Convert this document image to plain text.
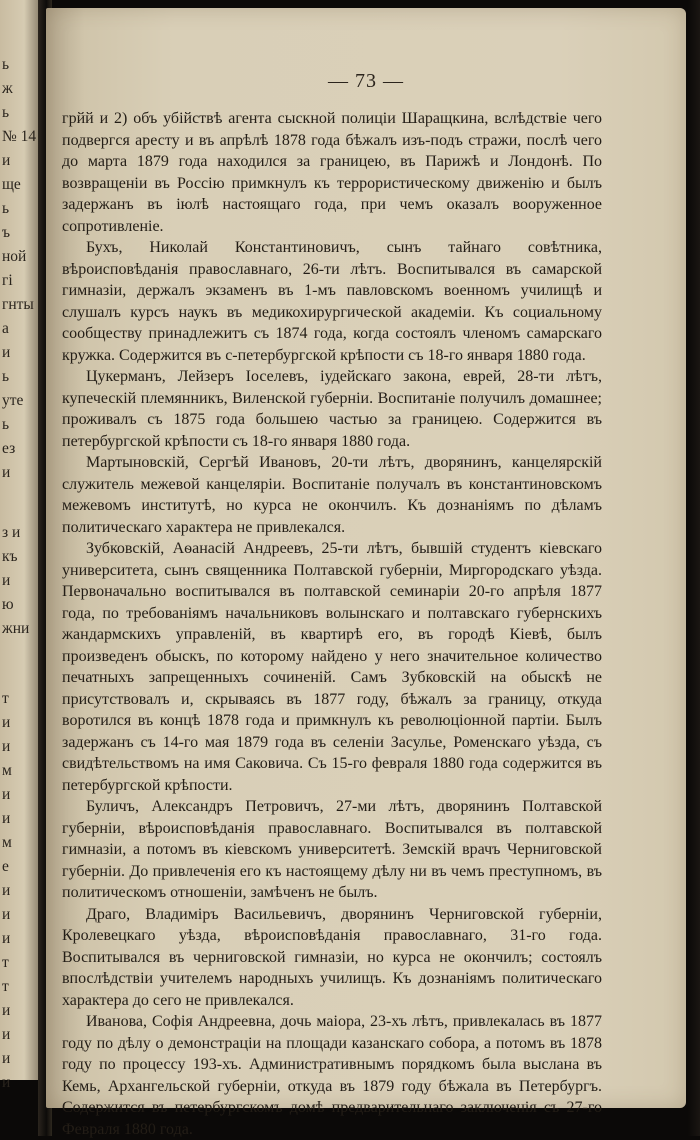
ь
ж
ь
№ 14
и
ще
ь
ъ
ной
гі
гнты
а
и
ь
уте
ь
ез
и
з и
къ
и
ю
жни
т
и
и
м
и
и
м
е
и
и
и
т
т
и
и
и
и
— 73 —

грйй и 2) объ убійствѣ агента сыскной полиціи Шаращкина, вслѣдствіе чего подвергся аресту и въ апрѣлѣ 1878 года бѣжалъ изъ-подъ стражи, послѣ чего до марта 1879 года находился за границею, въ Парижѣ и Лондонѣ. По возвращеніи въ Россію примкнулъ къ террористическому движенію и былъ задержанъ въ іюлѣ настоящаго года, при чемъ оказалъ вооруженное сопротивленіе.

Бухъ, Николай Константиновичъ, сынъ тайнаго совѣтника, вѣроисповѣданія православнаго, 26-ти лѣтъ. Воспитывался въ самарской гимназіи, держалъ экзаменъ въ 1-мъ павловскомъ военномъ училищѣ и слушалъ курсъ наукъ въ медикохирургической академіи. Къ социальному сообществу принадлежитъ съ 1874 года, когда состоялъ членомъ самарскаго кружка. Содержится въ с-петербургской крѣпости съ 18-го января 1880 года.

Цукерманъ, Лейзеръ Іоселевъ, іудейскаго закона, еврей, 28-ти лѣтъ, купеческій племянникъ, Виленской губерніи. Воспитаніе получилъ домашнее; проживалъ съ 1875 года большею частью за границею. Содержится въ петербургской крѣпости съ 18-го января 1880 года.

Мартыновскій, Сергѣй Ивановъ, 20-ти лѣтъ, дворянинъ, канцелярскій служитель межевой канцеляріи. Воспитаніе получалъ въ константиновскомъ межевомъ институтѣ, но курса не окончилъ. Къ дознаніямъ по дѣламъ политическаго характера не привлекался.

Зубковскій, Аѳанасій Андреевъ, 25-ти лѣтъ, бывшій студентъ кіевскаго университета, сынъ священника Полтавской губерніи, Миргородскаго уѣзда. Первоначально воспитывался въ полтавской семинаріи 20-го апрѣля 1877 года, по требованіямъ начальниковъ волынскаго и полтавскаго губернскихъ жандармскихъ управленій, въ квартирѣ его, въ городѣ Кіевѣ, былъ произведенъ обыскъ, по которому найдено у него значительное количество печатныхъ запрещенныхъ сочиненій. Самъ Зубковскій на обыскѣ не присутствовалъ и, скрываясь въ 1877 году, бѣжалъ за границу, откуда воротился въ концѣ 1878 года и примкнулъ къ революціонной партіи. Былъ задержанъ съ 14-го мая 1879 года въ селеніи Засулье, Роменскаго уѣзда, съ свидѣтельствомъ на имя Саковича. Съ 15-го февраля 1880 года содержится въ петербургской крѣпости.

Буличъ, Александръ Петровичъ, 27-ми лѣтъ, дворянинъ Полтавской губерніи, вѣроисповѣданія православнаго. Воспитывался въ полтавской гимназіи, а потомъ въ кіевскомъ университетѣ. Земскій врачъ Черниговской губерніи. До привлеченія его къ настоящему дѣлу ни въ чемъ преступномъ, въ политическомъ отношеніи, замѣченъ не былъ.

Драго, Владиміръ Васильевичъ, дворянинъ Черниговской губерніи, Кролевецкаго уѣзда, вѣроисповѣданія православнаго, 31-го года. Воспитывался въ черниговской гимназіи, но курса не окончилъ; состоялъ впослѣдствіи учителемъ народныхъ училищъ. Къ дознаніямъ политическаго характера до сего не привлекался.

Иванова, Софія Андреевна, дочь маіора, 23-хъ лѣтъ, привлекалась въ 1877 году по дѣлу о демонстраціи на площади казанскаго собора, а потомъ въ 1878 году по процессу 193-хъ. Административнымъ порядкомъ была выслана въ Кемь, Архангельской губерніи, откуда въ 1879 году бѣжала въ Петербургъ. Содержится въ петербургскомъ домѣ предварительнаго заключенія съ 27-го Февраля 1880 года.
